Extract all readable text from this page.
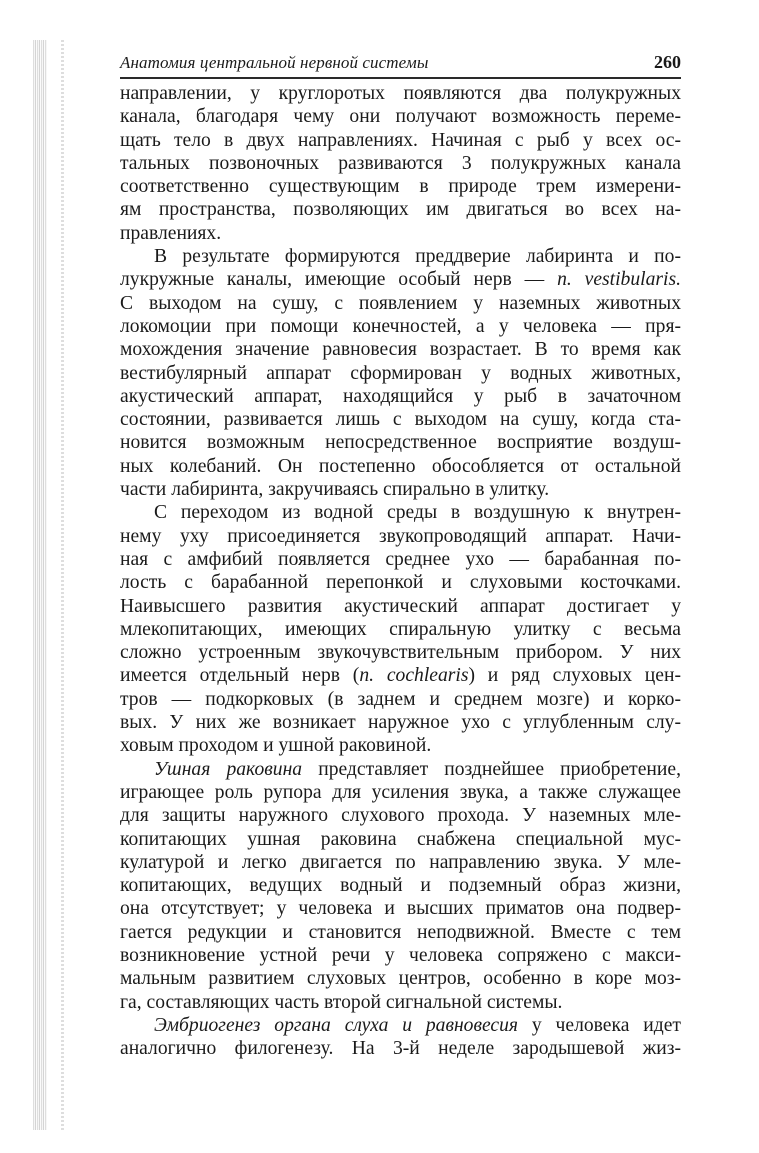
Анатомия центральной нервной системы	260
направлении, у круглоротых появляются два полукружных
канала, благодаря чему они получают возможность переме-
щать тело в двух направлениях. Начиная с рыб у всех ос-
тальных позвоночных развиваются 3 полукружных канала
соответственно существующим в природе трем измерени-
ям пространства, позволяющих им двигаться во всех на-
правлениях.
В результате формируются преддверие лабиринта и по-
лукружные каналы, имеющие особый нерв — n. vestibularis.
С выходом на сушу, с появлением у наземных животных
локомоции при помощи конечностей, а у человека — пря-
мохождения значение равновесия возрастает. В то время как
вестибулярный аппарат сформирован у водных животных,
акустический аппарат, находящийся у рыб в зачаточном
состоянии, развивается лишь с выходом на сушу, когда ста-
новится возможным непосредственное восприятие воздуш-
ных колебаний. Он постепенно обособляется от остальной
части лабиринта, закручиваясь спирально в улитку.
С переходом из водной среды в воздушную к внутрен-
нему уху присоединяется звукопроводящий аппарат. Начи-
ная с амфибий появляется среднее ухо — барабанная по-
лость с барабанной перепонкой и слуховыми косточками.
Наивысшего развития акустический аппарат достигает у
млекопитающих, имеющих спиральную улитку с весьма
сложно устроенным звукочувствительным прибором. У них
имеется отдельный нерв (n. cochlearis) и ряд слуховых цен-
тров — подкорковых (в заднем и среднем мозге) и корко-
вых. У них же возникает наружное ухо с углубленным слу-
ховым проходом и ушной раковиной.
Ушная раковина представляет позднейшее приобретение,
играющее роль рупора для усиления звука, а также служащее
для защиты наружного слухового прохода. У наземных мле-
копитающих ушная раковина снабжена специальной мус-
кулатурой и легко двигается по направлению звука. У мле-
копитающих, ведущих водный и подземный образ жизни,
она отсутствует; у человека и высших приматов она подвер-
гается редукции и становится неподвижной. Вместе с тем
возникновение устной речи у человека сопряжено с макси-
мальным развитием слуховых центров, особенно в коре моз-
га, составляющих часть второй сигнальной системы.
Эмбриогенез органа слуха и равновесия у человека идет
аналогично филогенезу. На 3-й неделе зародышевой жиз-
